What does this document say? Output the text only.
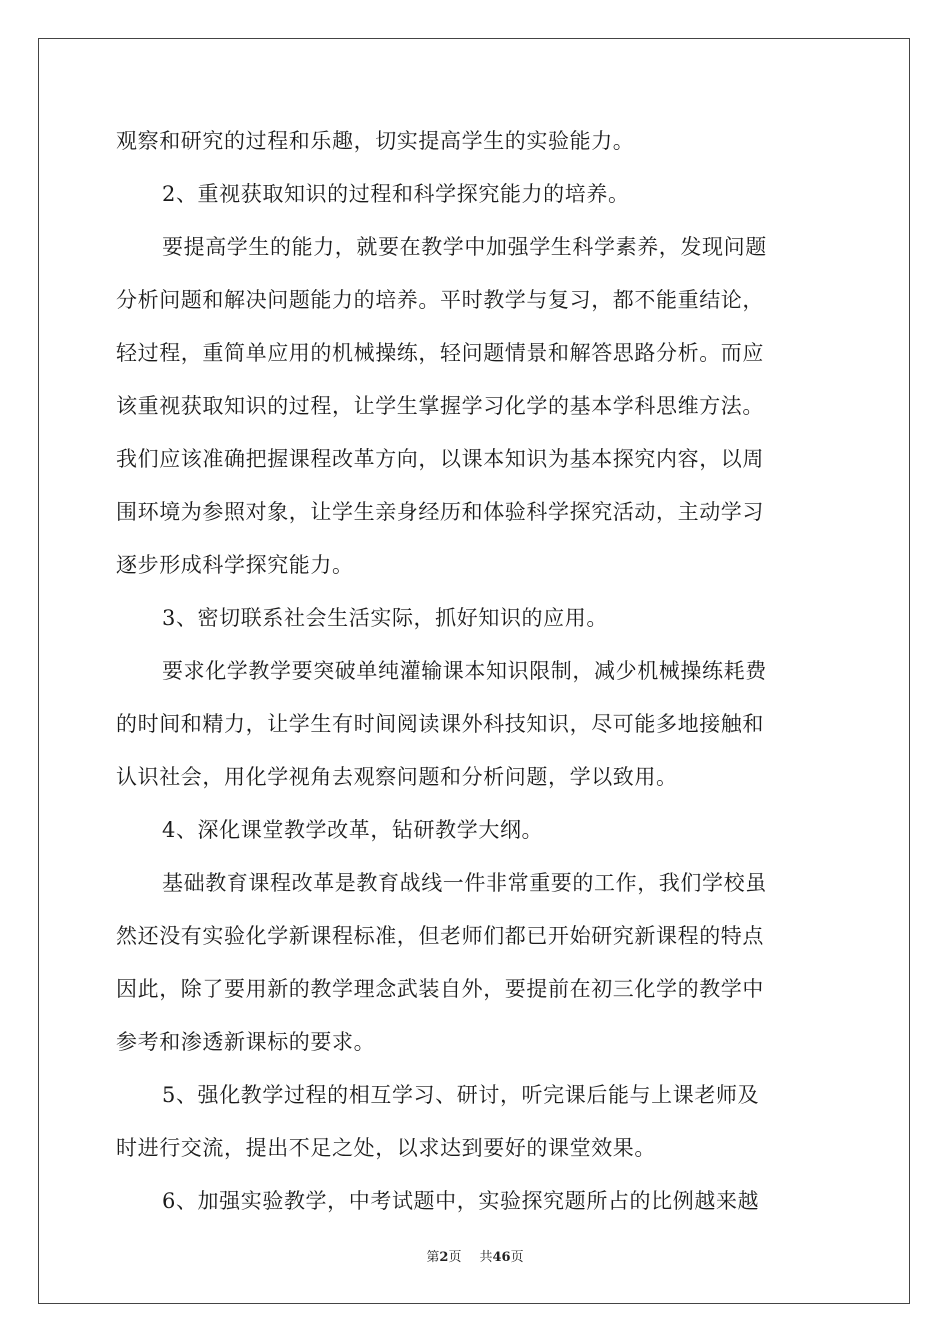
观察和研究的过程和乐趣，切实提高学生的实验能力。
2、重视获取知识的过程和科学探究能力的培养。
要提高学生的能力，就要在教学中加强学生科学素养，发现问题
分析问题和解决问题能力的培养。平时教学与复习，都不能重结论，
轻过程，重简单应用的机械操练，轻问题情景和解答思路分析。而应
该重视获取知识的过程，让学生掌握学习化学的基本学科思维方法。
我们应该准确把握课程改革方向，以课本知识为基本探究内容，以周
围环境为参照对象，让学生亲身经历和体验科学探究活动，主动学习
逐步形成科学探究能力。
3、密切联系社会生活实际，抓好知识的应用。
要求化学教学要突破单纯灌输课本知识限制，减少机械操练耗费
的时间和精力，让学生有时间阅读课外科技知识，尽可能多地接触和
认识社会，用化学视角去观察问题和分析问题，学以致用。
4、深化课堂教学改革，钻研教学大纲。
基础教育课程改革是教育战线一件非常重要的工作，我们学校虽
然还没有实验化学新课程标准，但老师们都已开始研究新课程的特点
因此，除了要用新的教学理念武装自外，要提前在初三化学的教学中
参考和渗透新课标的要求。
5、强化教学过程的相互学习、研讨，听完课后能与上课老师及
时进行交流，提出不足之处，以求达到要好的课堂效果。
6、加强实验教学，中考试题中，实验探究题所占的比例越来越
第2页 共46页
